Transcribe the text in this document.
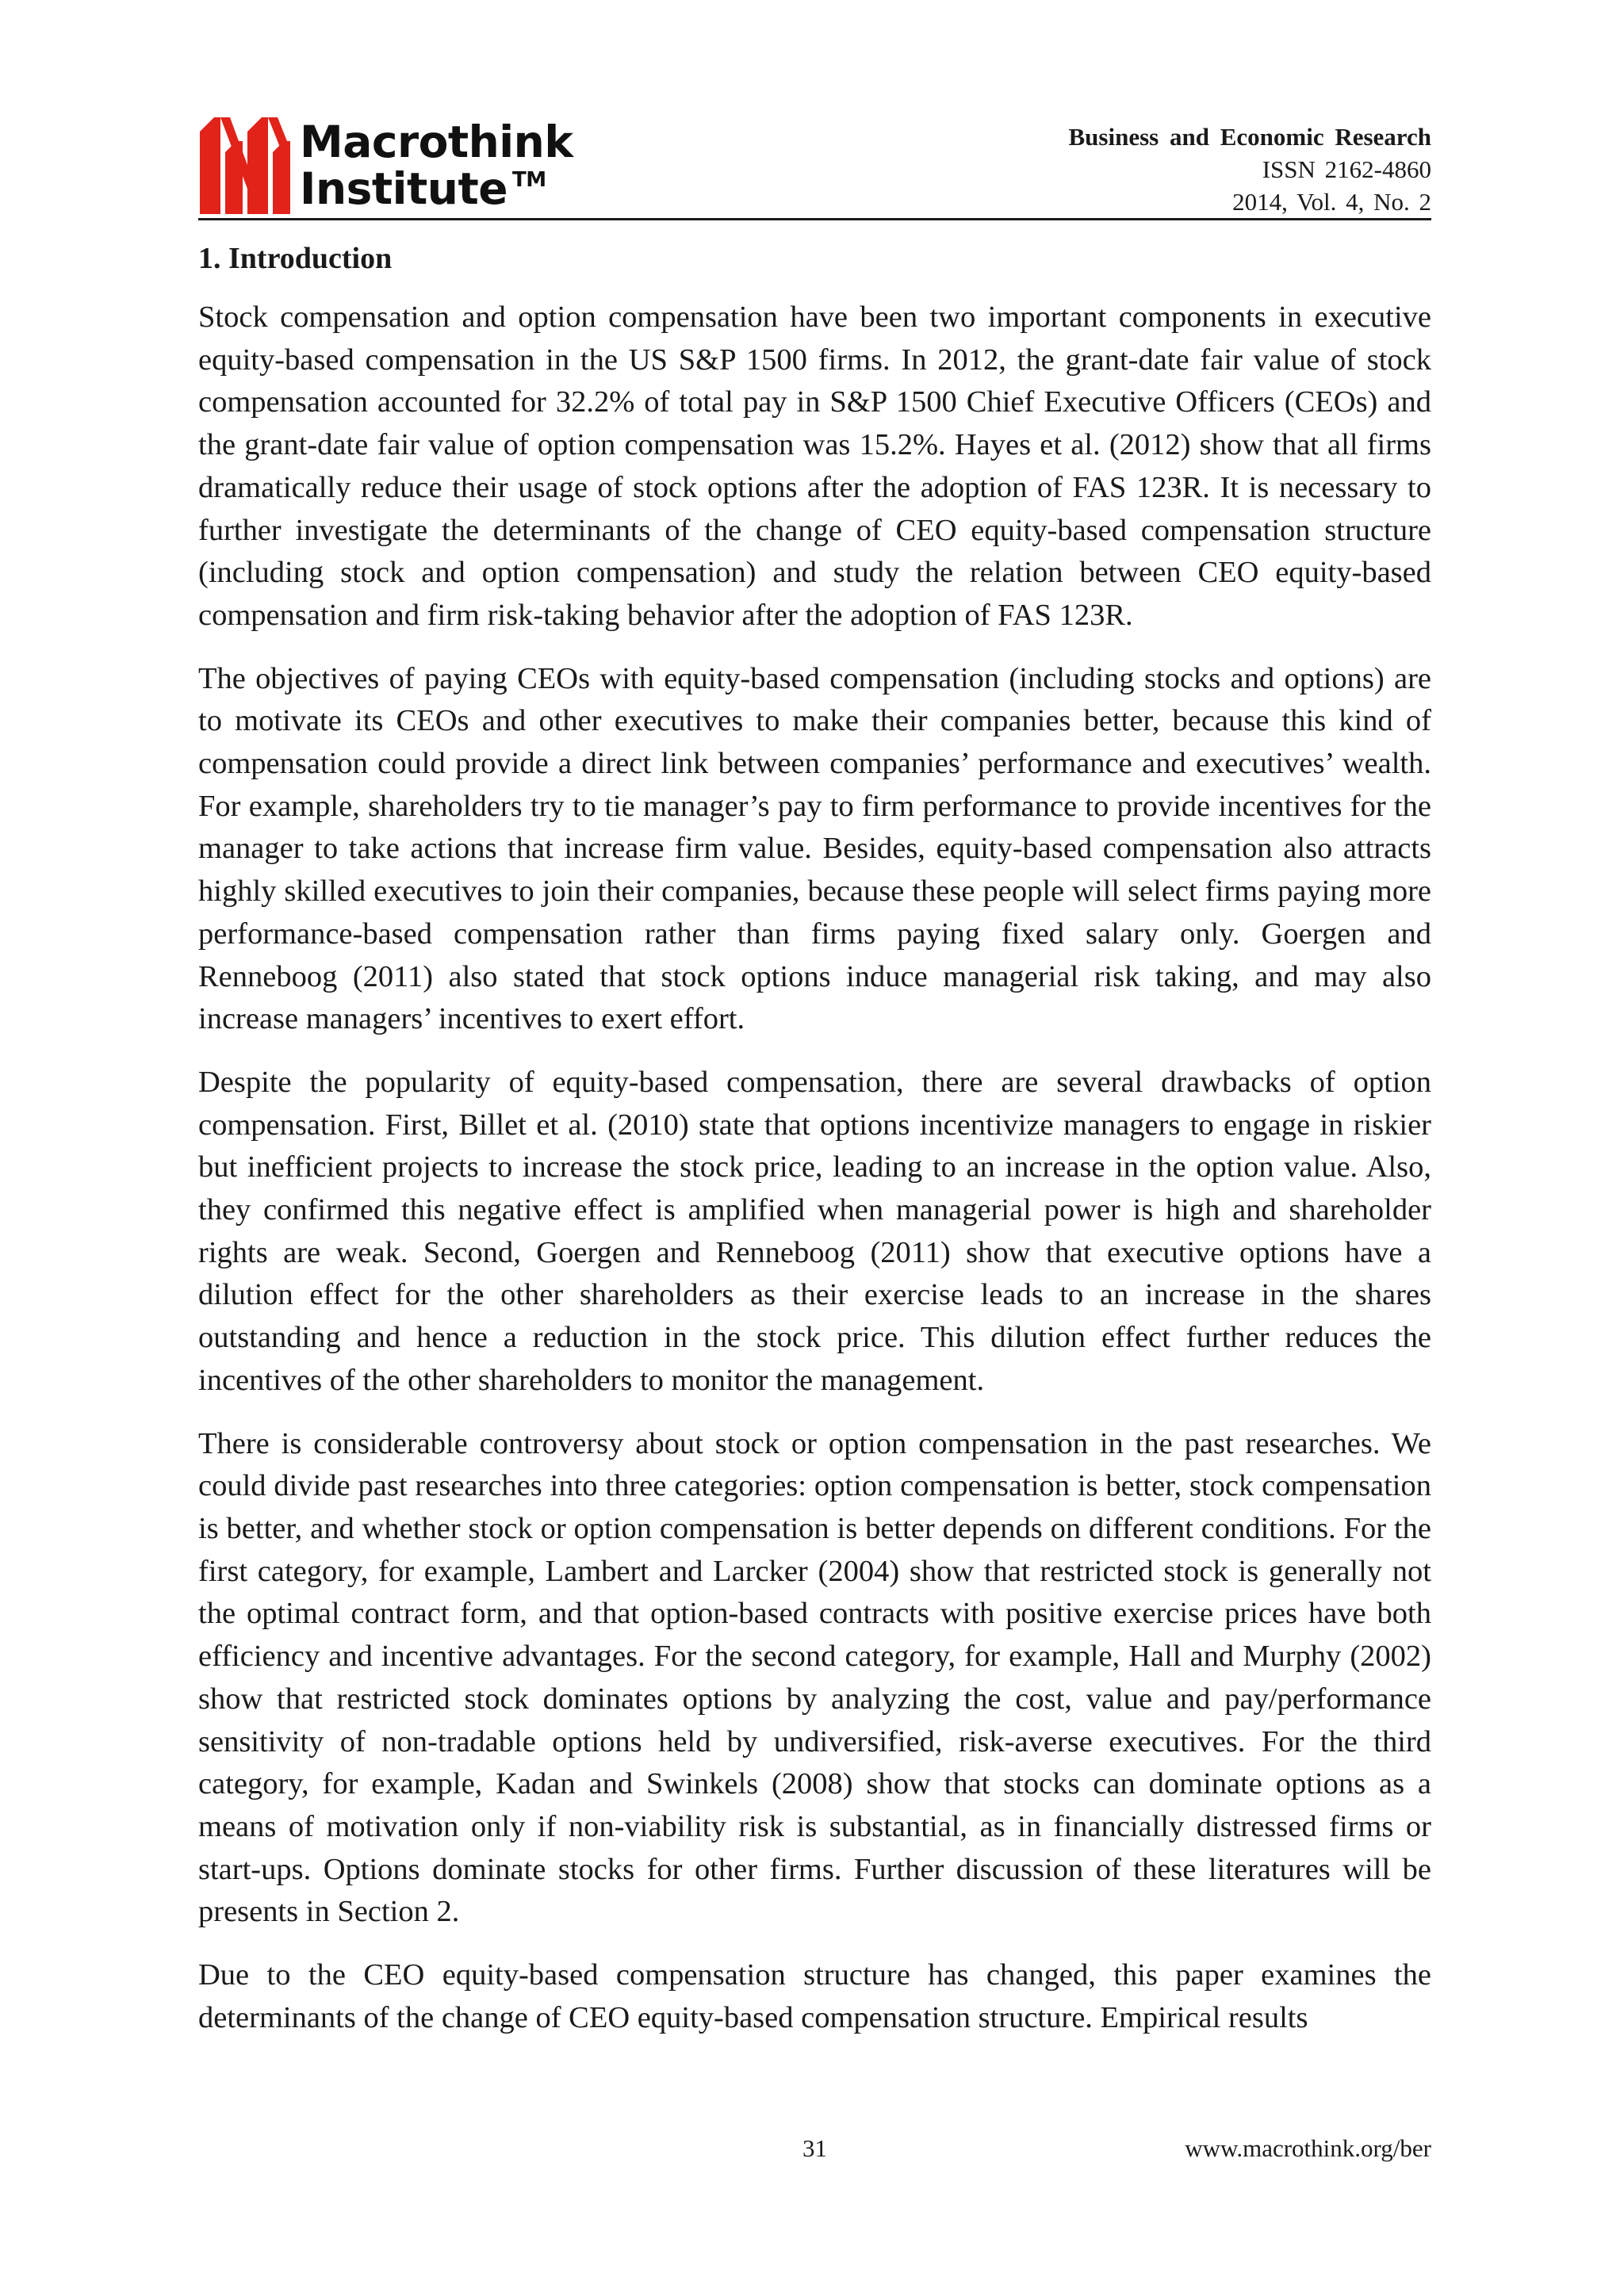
Macrothink
Institute ™
Business and Economic Research
ISSN 2162-4860
2014, Vol. 4, No. 2
1. Introduction

Stock compensation and option compensation have been two important components in executive equity-based compensation in the US S&P 1500 firms. In 2012, the grant-date fair value of stock compensation accounted for 32.2% of total pay in S&P 1500 Chief Executive Officers (CEOs) and the grant-date fair value of option compensation was 15.2%. Hayes et al. (2012) show that all firms dramatically reduce their usage of stock options after the adoption of FAS 123R. It is necessary to further investigate the determinants of the change of CEO equity-based compensation structure (including stock and option compensation) and study the relation between CEO equity-based compensation and firm risk-taking behavior after the adoption of FAS 123R.

The objectives of paying CEOs with equity-based compensation (including stocks and options) are to motivate its CEOs and other executives to make their companies better, because this kind of compensation could provide a direct link between companies’ performance and executives’ wealth. For example, shareholders try to tie manager’s pay to firm performance to provide incentives for the manager to take actions that increase firm value. Besides, equity-based compensation also attracts highly skilled executives to join their companies, because these people will select firms paying more performance-based compensation rather than firms paying fixed salary only. Goergen and Renneboog (2011) also stated that stock options induce managerial risk taking, and may also increase managers’ incentives to exert effort.

Despite the popularity of equity-based compensation, there are several drawbacks of option compensation. First, Billet et al. (2010) state that options incentivize managers to engage in riskier but inefficient projects to increase the stock price, leading to an increase in the option value. Also, they confirmed this negative effect is amplified when managerial power is high and shareholder rights are weak. Second, Goergen and Renneboog (2011) show that executive options have a dilution effect for the other shareholders as their exercise leads to an increase in the shares outstanding and hence a reduction in the stock price. This dilution effect further reduces the incentives of the other shareholders to monitor the management.

There is considerable controversy about stock or option compensation in the past researches. We could divide past researches into three categories: option compensation is better, stock compensation is better, and whether stock or option compensation is better depends on different conditions. For the first category, for example, Lambert and Larcker (2004) show that restricted stock is generally not the optimal contract form, and that option-based contracts with positive exercise prices have both efficiency and incentive advantages. For the second category, for example, Hall and Murphy (2002) show that restricted stock dominates options by analyzing the cost, value and pay/performance sensitivity of non-tradable options held by undiversified, risk-averse executives. For the third category, for example, Kadan and Swinkels (2008) show that stocks can dominate options as a means of motivation only if non-viability risk is substantial, as in financially distressed firms or start-ups. Options dominate stocks for other firms. Further discussion of these literatures will be presents in Section 2.

Due to the CEO equity-based compensation structure has changed, this paper examines the determinants of the change of CEO equity-based compensation structure. Empirical results

31	www.macrothink.org/ber
